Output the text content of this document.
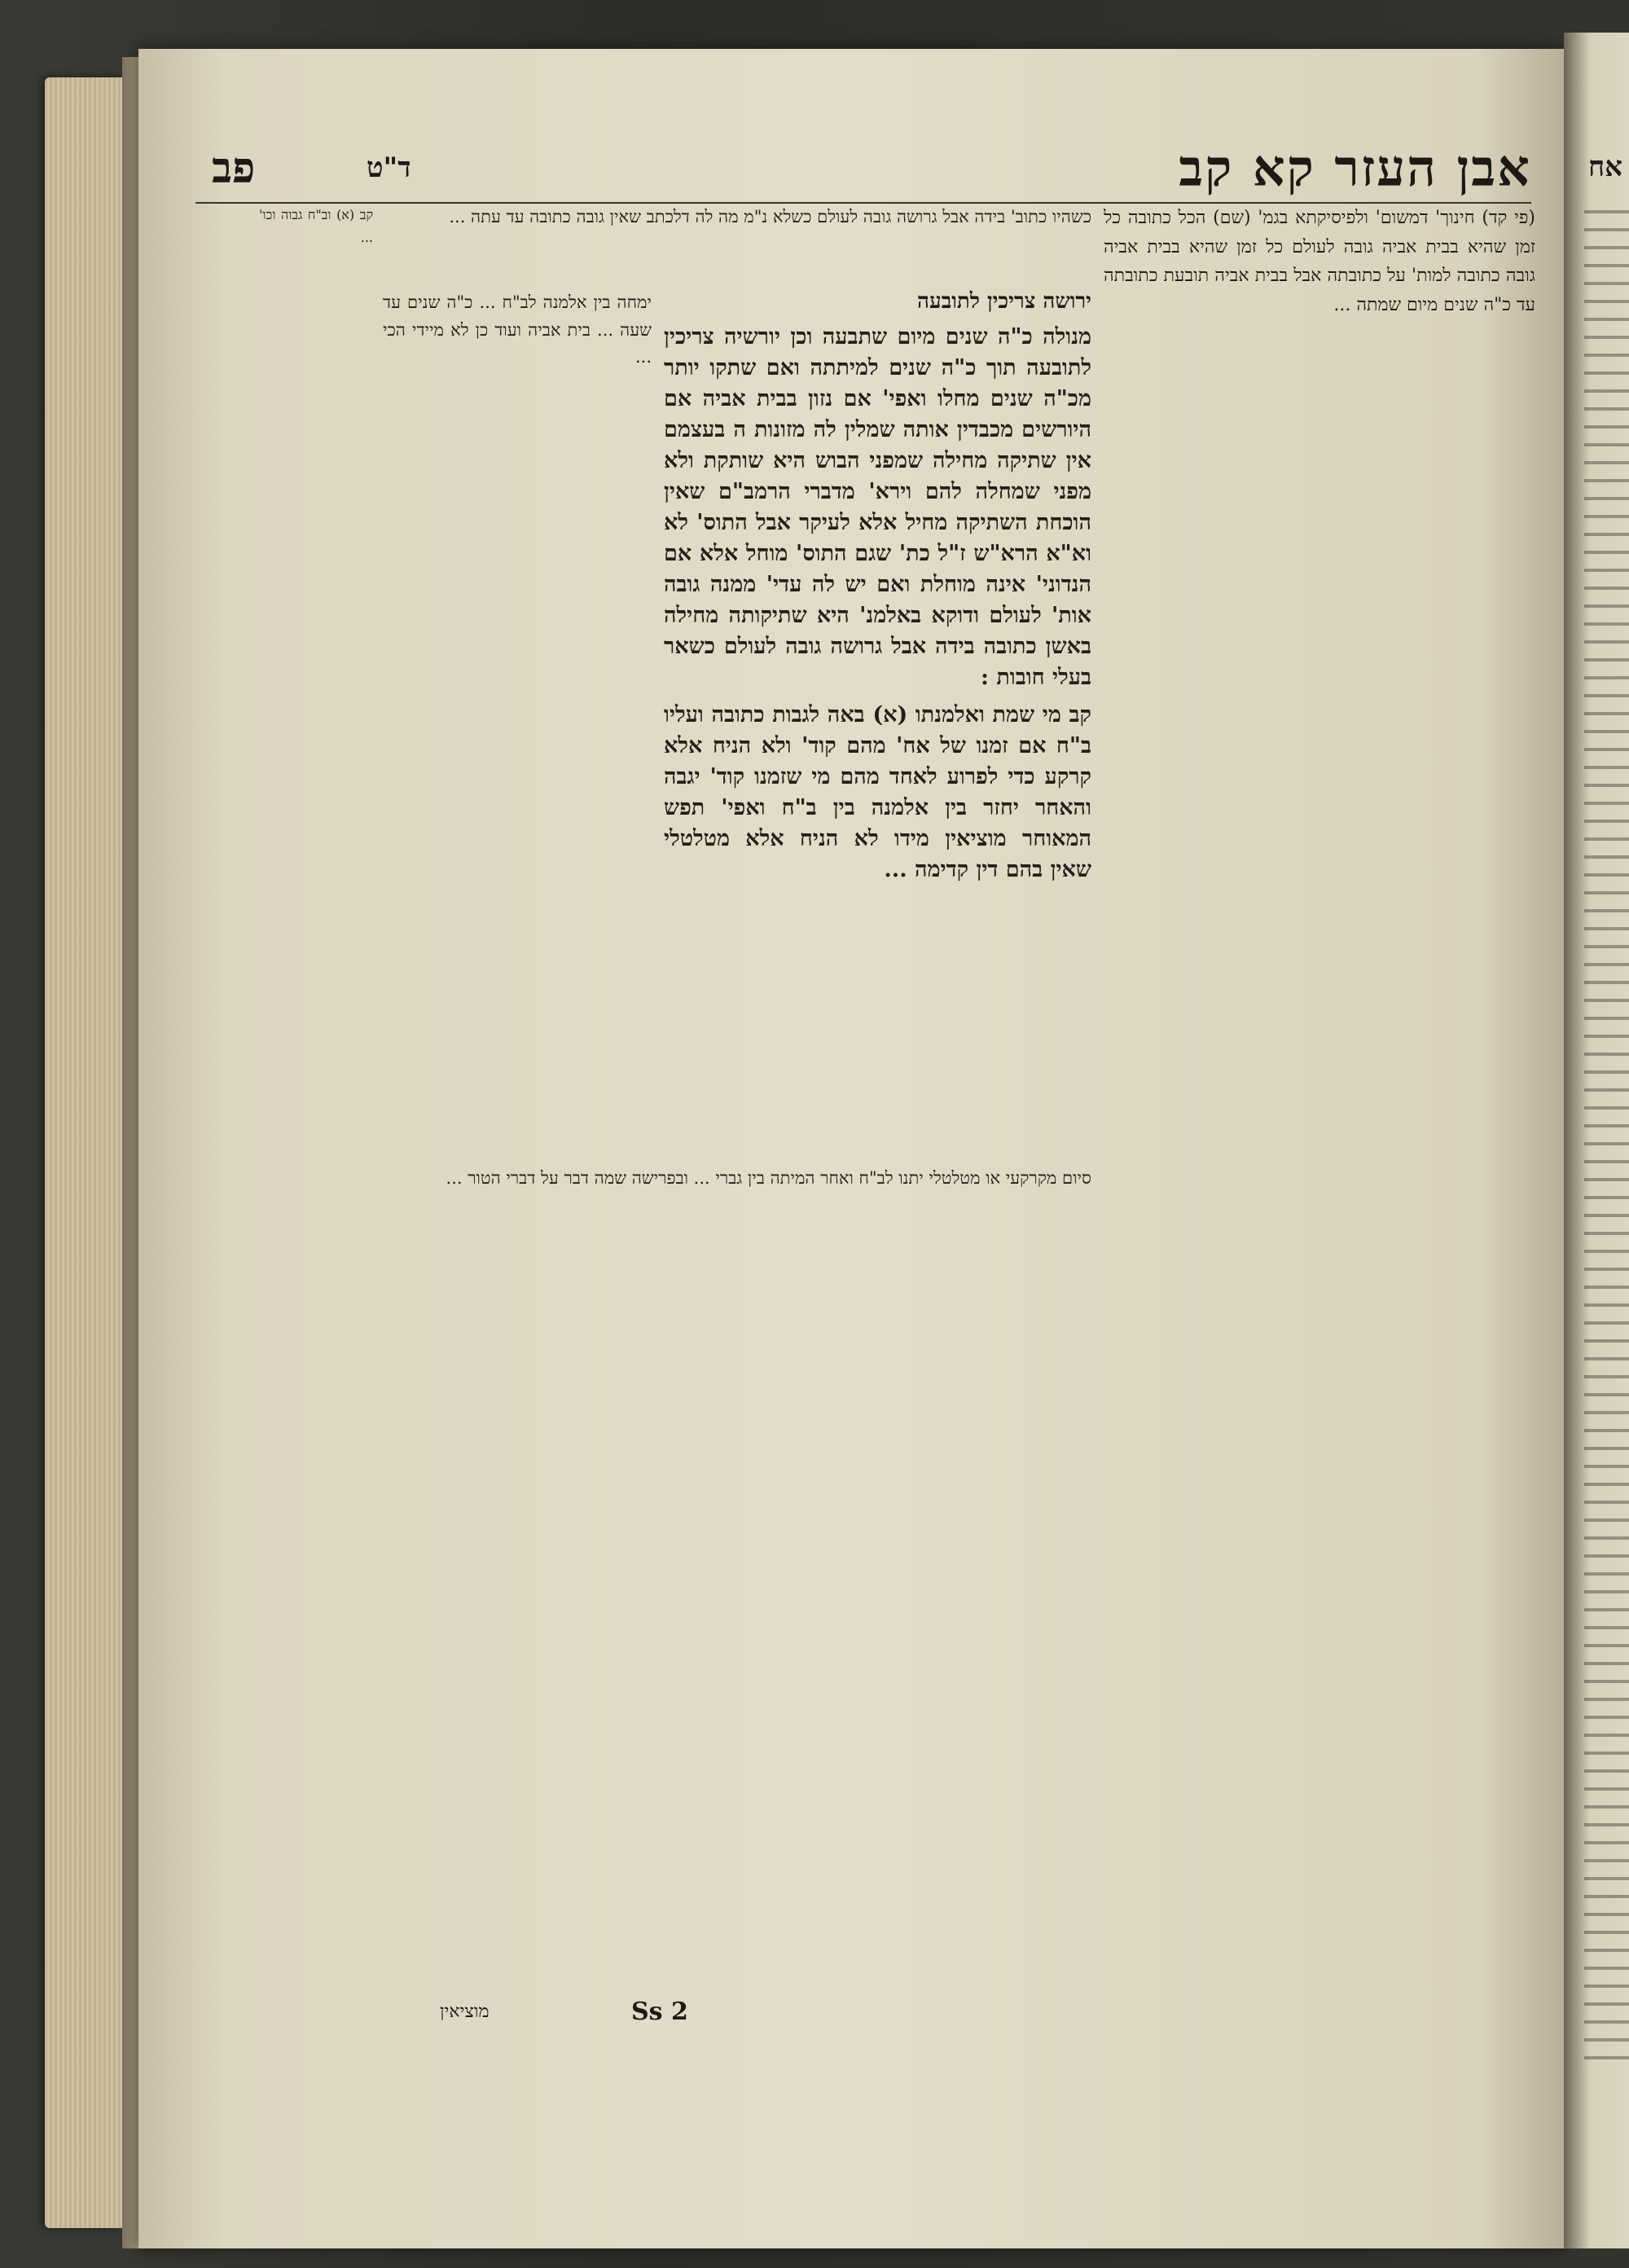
אח
אבן העזר קא קב
פב	ד"ט

כשהיו כתוב' בידה אבל גרושה גובה לעולם כשלא נ"מ מה לה דלכתב שאין גובה כתובה עד עתה ...

ירושה צריכין לתובעה

מנ‍ולה כ"ה שנים מיום שתבעה וכן יורשיה צריכין לתובעה תוך כ"ה שנים למיתתה ואם שתקו יותר מכ"ה שנים מחלו ואפי' אם נזון בבית אביה אם היורשים מכבדין אותה שמלין לה מזונות ה בעצמם אין שתיקה מחילה שמפני הבוש היא שותקת ולא מפני שמחלה להם וירא' מדברי הרמב"ם שאין הוכחת השתיקה מחיל אלא לעיקר אבל התוס' לא וא"א הרא"ש ז"ל כת' שגם התוס' מוחל אלא אם הנדוני' אינה מוחלת ואם יש לה עדי' ממנה גובה אות' לעולם ודוקא באלמנ' היא שתיקותה מחילה באשן כתובה בידה אבל גרושה גובה לעולם כשאר בעלי חובות :

קב מי שמת ואלמנתו (א) באה לגבות כתובה ועליו ב"ח אם זמנו של אח' מהם קוד' ולא הניח אלא קרקע כדי לפרוע לאחד מהם מי שזמנו קוד' יגבה והאחר יחזר בין אלמנה בין ב"ח ואפי' תפש המאוחר מוציאין מידו לא הניח אלא מטלטלי שאין בהם דין קדימה ...

(פי קד) חינוך' דמשום' ולפיסיקתא בגמ' (שם) הכל כתובה כל זמן שהיא בבית אביה גובה לעולם כל זמן שהיא בבית אביה גובה כתובה למות' על כתובתה אבל בבית אביה תובעת כתובתה עד כ"ה שנים מיום שמתה ...

ימחה בין אלמנה לב"ח ... כ"ה שנים עד שעה ... בית אביה ועוד כן לא מיידי הכי ...

סיום מקרקעי או מטלטלי יתנו לב"ח ואחר המיתה בין גברי ... ובפרישה שמה דבר על דברי הטור ...

קב (א) וב"ח גבוה וכו' ...

Ss 2
מוציאין
